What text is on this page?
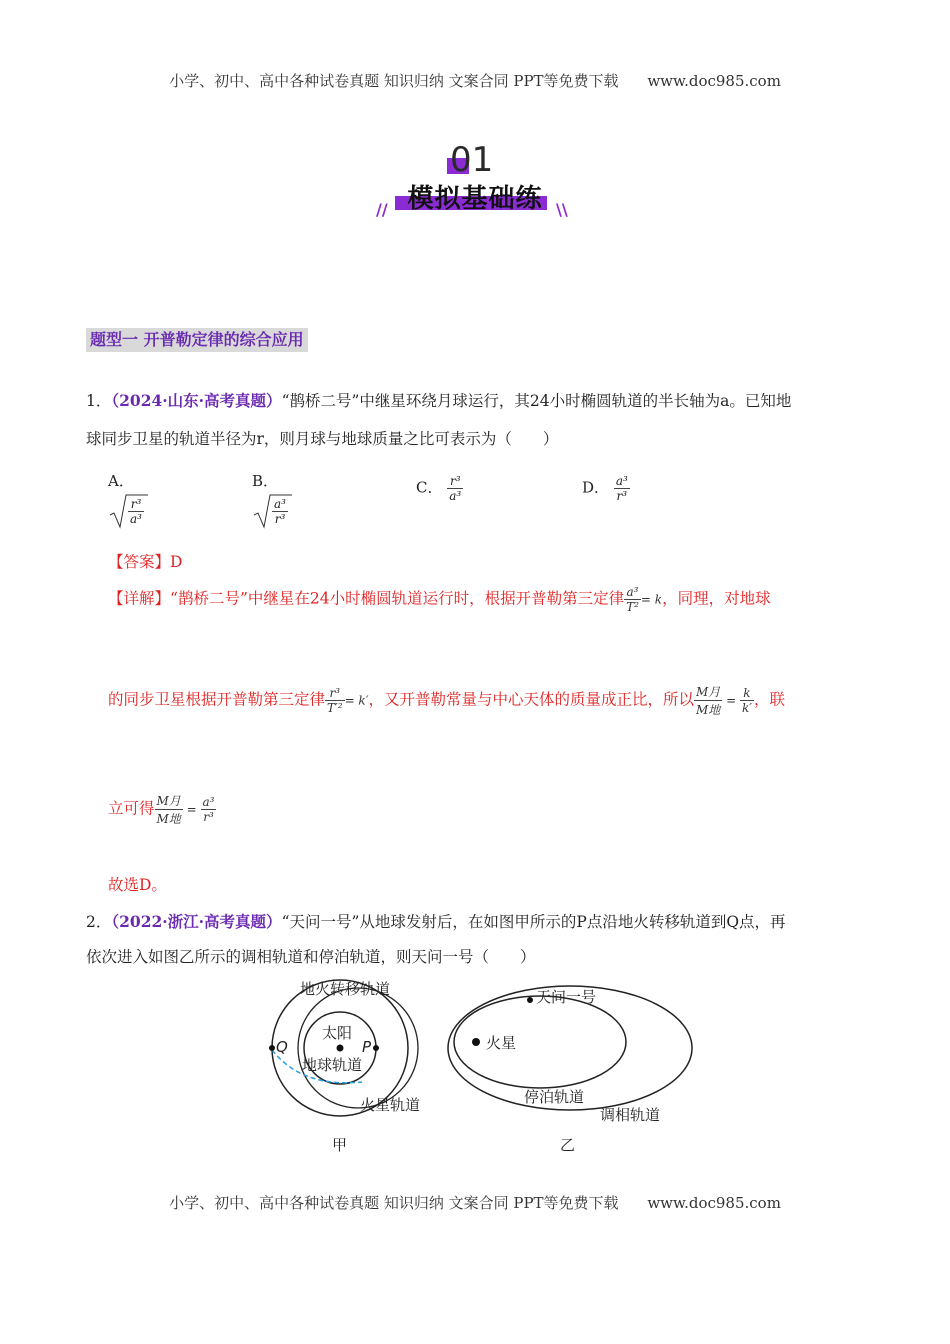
小学、初中、高中各种试卷真题 知识归纳 文案合同 PPT等免费下载 www.doc985.com
01
模拟基础练
//	\\
题型一 开普勒定律的综合应用
1．（2024·山东·高考真题）“鹊桥二号”中继星环绕月球运行，其24小时椭圆轨道的半长轴为a。已知地
球同步卫星的轨道半径为r，则月球与地球质量之比可表示为（　　）
A．
$\frac{\text{r³}}{\text{a³}}$
B．
$\frac{\text{a³}}{\text{r³}}$
C． $\frac{\text{r³}}{\text{a³}}$	D． $\frac{\text{a³}}{\text{r³}}$
【答案】D
【详解】“鹊桥二号”中继星在24小时椭圆轨道运行时，根据开普勒第三定律 $\frac{\text{a³}}{\text{T²}} = k$，同理，对地球
的同步卫星根据开普勒第三定律 $\frac{\text{r³}}{\text{T′²}} = k'$，又开普勒常量与中心天体的质量成正比，所以 $\frac{\text{M月}}{\text{M地}} = \frac{k}{k'}$ ，联
立可得 $\frac{\text{M月}}{\text{M地}} = \frac{\text{a³}}{\text{r³}}$
故选D。
2．（2022·浙江·高考真题）“天问一号”从地球发射后，在如图甲所示的P点沿地火转移轨道到Q点，再
依次进入如图乙所示的调相轨道和停泊轨道，则天问一号（　　）
太阳
Q	P
地火转移轨道
地球轨道
火星轨道
甲
火星
天问一号
停泊轨道
调相轨道
乙
小学、初中、高中各种试卷真题 知识归纳 文案合同 PPT等免费下载 www.doc985.com
